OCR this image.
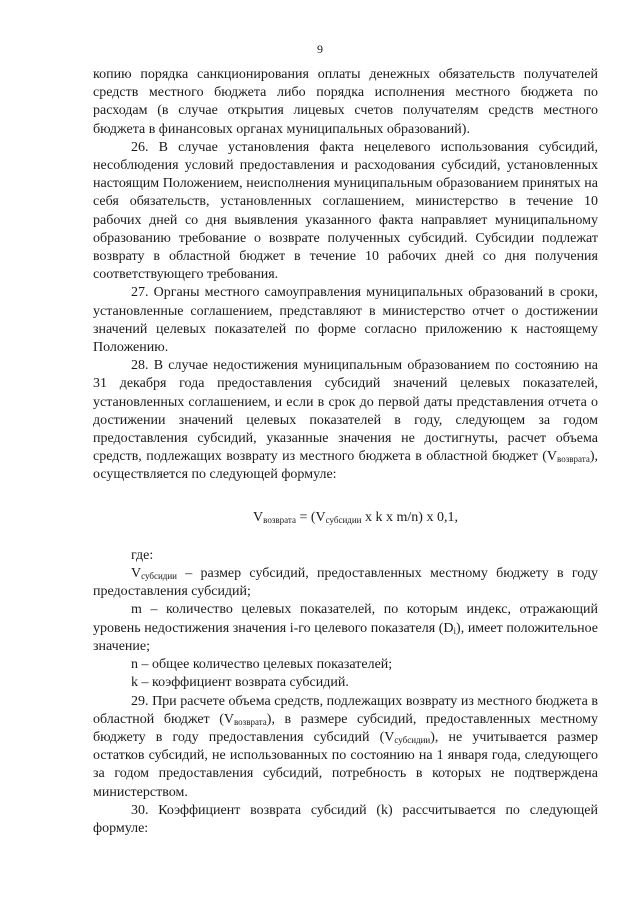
9

копию порядка санкционирования оплаты денежных обязательств получателей средств местного бюджета либо порядка исполнения местного бюджета по расходам (в случае открытия лицевых счетов получателям средств местного бюджета в финансовых органах муниципальных образований).

26. В случае установления факта нецелевого использования субсидий, несоблюдения условий предоставления и расходования субсидий, установленных настоящим Положением, неисполнения муниципальным образованием принятых на себя обязательств, установленных соглашением, министерство в течение 10 рабочих дней со дня выявления указанного факта направляет муниципальному образованию требование о возврате полученных субсидий. Субсидии подлежат возврату в областной бюджет в течение 10 рабочих дней со дня получения соответствующего требования.

27. Органы местного самоуправления муниципальных образований в сроки, установленные соглашением, представляют в министерство отчет о достижении значений целевых показателей по форме согласно приложению к настоящему Положению.

28. В случае недостижения муниципальным образованием по состоянию на 31 декабря года предоставления субсидий значений целевых показателей, установленных соглашением, и если в срок до первой даты представления отчета о достижении значений целевых показателей в году, следующем за годом предоставления субсидий, указанные значения не достигнуты, расчет объема средств, подлежащих возврату из местного бюджета в областной бюджет $(V_{возврата})$, осуществляется по следующей формуле:

$V_{возврата} = (V_{субсидии}$ x k x m/n) x 0,1,

где:

$V_{субсидии}$ – размер субсидий, предоставленных местному бюджету в году предоставления субсидий;

m – количество целевых показателей, по которым индекс, отражающий уровень недостижения значения i-го целевого показателя $(D_i)$, имеет положительное значение;

n – общее количество целевых показателей;

k – коэффициент возврата субсидий.

29. При расчете объема средств, подлежащих возврату из местного бюджета в областной бюджет $(V_{возврата})$, в размере субсидий, предоставленных местному бюджету в году предоставления субсидий $(V_{субсидии})$, не учитывается размер остатков субсидий, не использованных по состоянию на 1 января года, следующего за годом предоставления субсидий, потребность в которых не подтверждена министерством.

30. Коэффициент возврата субсидий (k) рассчитывается по следующей формуле:
